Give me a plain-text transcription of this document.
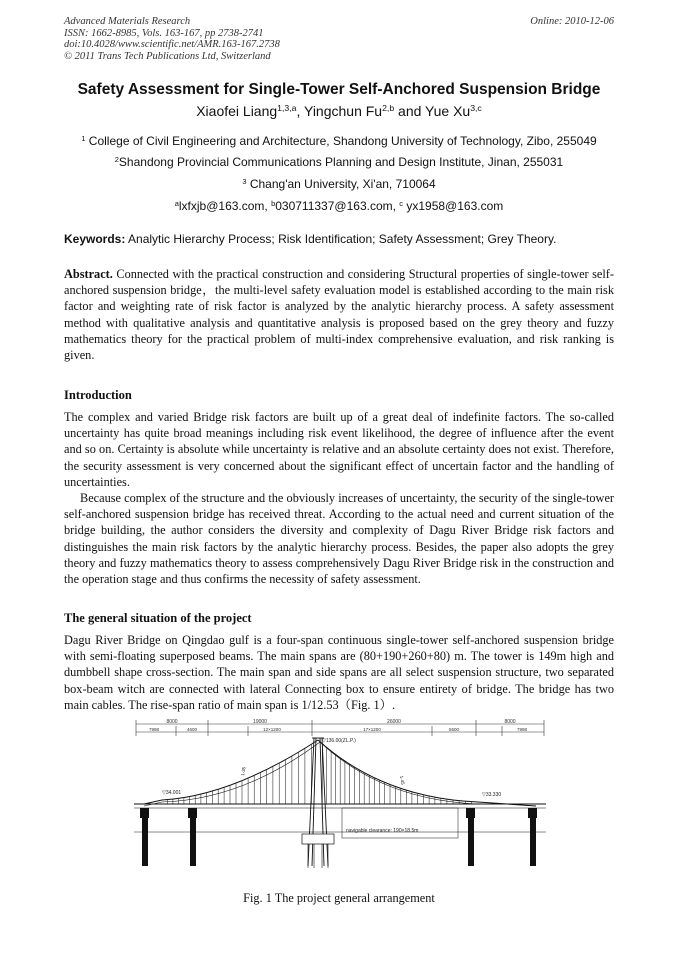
Advanced Materials Research
ISSN: 1662-8985, Vols. 163-167, pp 2738-2741
doi:10.4028/www.scientific.net/AMR.163-167.2738
© 2011 Trans Tech Publications Ltd, Switzerland
Online: 2010-12-06
Safety Assessment for Single-Tower Self-Anchored Suspension Bridge
Xiaofei Liang$^{1,3,a}$, Yingchun Fu$^{2,b}$ and Yue Xu$^{3,c}$
$^1$ College of Civil Engineering and Architecture, Shandong University of Technology, Zibo, 255049
$^2$Shandong Provincial Communications Planning and Design Institute, Jinan, 255031
$^3$ Chang'an University, Xi'an, 710064
$^a$lxfxjb@163.com, $^b$030711337@163.com, $^c$ yx1958@163.com
Keywords: Analytic Hierarchy Process; Risk Identification; Safety Assessment; Grey Theory.
Abstract. Connected with the practical construction and considering Structural properties of single-tower self-anchored suspension bridge，the multi-level safety evaluation model is established according to the main risk factor and weighting rate of risk factor is analyzed by the analytic hierarchy process. A safety assessment method with qualitative analysis and quantitative analysis is proposed based on the grey theory and fuzzy mathematics theory for the practical problem of multi-index comprehensive evaluation, and risk ranking is given.
Introduction
The complex and varied Bridge risk factors are built up of a great deal of indefinite factors. The so-called uncertainty has quite broad meanings including risk event likelihood, the degree of influence after the event and so on. Certainty is absolute while uncertainty is relative and an absolute certainty does not exist. Therefore, the security assessment is very concerned about the significant effect of uncertain factor and the handling of uncertainties.
Because complex of the structure and the obviously increases of uncertainty, the security of the single-tower self-anchored suspension bridge has received threat. According to the actual need and current situation of the bridge building, the author considers the diversity and complexity of Dagu River Bridge risk factors and distinguishes the main risk factors by the analytic hierarchy process. Besides, the paper also adopts the grey theory and fuzzy mathematics theory to assess comprehensively Dagu River Bridge risk in the construction and the operation stage and thus confirms the necessity of safety assessment.
The general situation of the project
Dagu River Bridge on Qingdao gulf is a four-span continuous single-tower self-anchored suspension bridge with semi-floating superposed beams. The main spans are (80+190+260+80) m. The tower is 149m high and dumbbell shape cross-section. The main span and side spans are all select suspension structure, two separated box-beam witch are connected with lateral Connecting box to ensure entirety of bridge. The bridge has two main cables. The rise-span ratio of main span is 1/12.53（Fig. 1）.
8000	19000	26000	8000
7998	4600	12×1200	17×1200	5600	7998
▽136.00(ZL.P.)
1-35
1-45
▽34.001	▽33.330
navigable clearance: 190×18.5m
Fig. 1 The project general arrangement
